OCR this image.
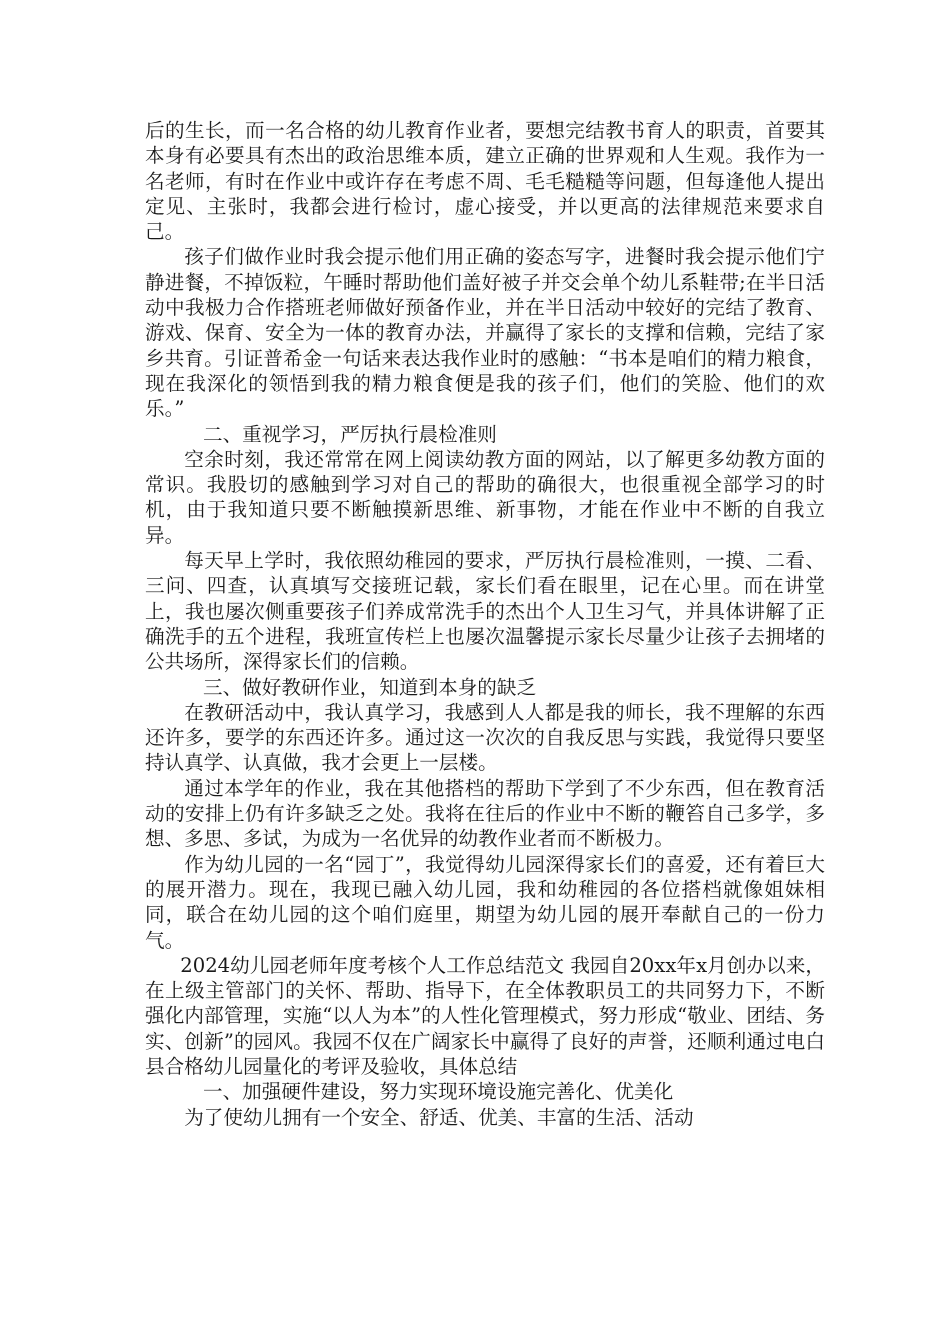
后的生长，而一名合格的幼儿教育作业者，要想完结教书育人的职责，首要其本身有必要具有杰出的政治思维本质，建立正确的世界观和人生观。我作为一名老师，有时在作业中或许存在考虑不周、毛毛糙糙等问题，但每逢他人提出定见、主张时，我都会进行检讨，虚心接受，并以更高的法律规范来要求自己。

孩子们做作业时我会提示他们用正确的姿态写字，进餐时我会提示他们宁静进餐，不掉饭粒，午睡时帮助他们盖好被子并交会单个幼儿系鞋带;在半日活动中我极力合作搭班老师做好预备作业，并在半日活动中较好的完结了教育、游戏、保育、安全为一体的教育办法，并赢得了家长的支撑和信赖，完结了家乡共育。引证普希金一句话来表达我作业时的感触：“书本是咱们的精力粮食，现在我深化的领悟到我的精力粮食便是我的孩子们，他们的笑脸、他们的欢乐。”

二、重视学习，严厉执行晨检准则

空余时刻，我还常常在网上阅读幼教方面的网站，以了解更多幼教方面的常识。我股切的感触到学习对自己的帮助的确很大，也很重视全部学习的时机，由于我知道只要不断触摸新思维、新事物，才能在作业中不断的自我立异。

每天早上学时，我依照幼稚园的要求，严厉执行晨检准则，一摸、二看、三问、四查，认真填写交接班记载，家长们看在眼里，记在心里。而在讲堂上，我也屡次侧重要孩子们养成常洗手的杰出个人卫生习气，并具体讲解了正确洗手的五个进程，我班宣传栏上也屡次温馨提示家长尽量少让孩子去拥堵的公共场所，深得家长们的信赖。

三、做好教研作业，知道到本身的缺乏

在教研活动中，我认真学习，我感到人人都是我的师长，我不理解的东西还许多，要学的东西还许多。通过这一次次的自我反思与实践，我觉得只要坚持认真学、认真做，我才会更上一层楼。

通过本学年的作业，我在其他搭档的帮助下学到了不少东西，但在教育活动的安排上仍有许多缺乏之处。我将在往后的作业中不断的鞭笞自己多学，多想、多思、多试，为成为一名优异的幼教作业者而不断极力。

作为幼儿园的一名“园丁”，我觉得幼儿园深得家长们的喜爱，还有着巨大的展开潜力。现在，我现已融入幼儿园，我和幼稚园的各位搭档就像姐妹相同，联合在幼儿园的这个咱们庭里，期望为幼儿园的展开奉献自己的一份力气。

2024幼儿园老师年度考核个人工作总结范文 我园自20xx年x月创办以来，在上级主管部门的关怀、帮助、指导下，在全体教职员工的共同努力下，不断强化内部管理，实施“以人为本”的人性化管理模式，努力形成“敬业、团结、务实、创新”的园风。我园不仅在广阔家长中赢得了良好的声誉，还顺利通过电白县合格幼儿园量化的考评及验收，具体总结

一、加强硬件建设，努力实现环境设施完善化、优美化

为了使幼儿拥有一个安全、舒适、优美、丰富的生活、活动
